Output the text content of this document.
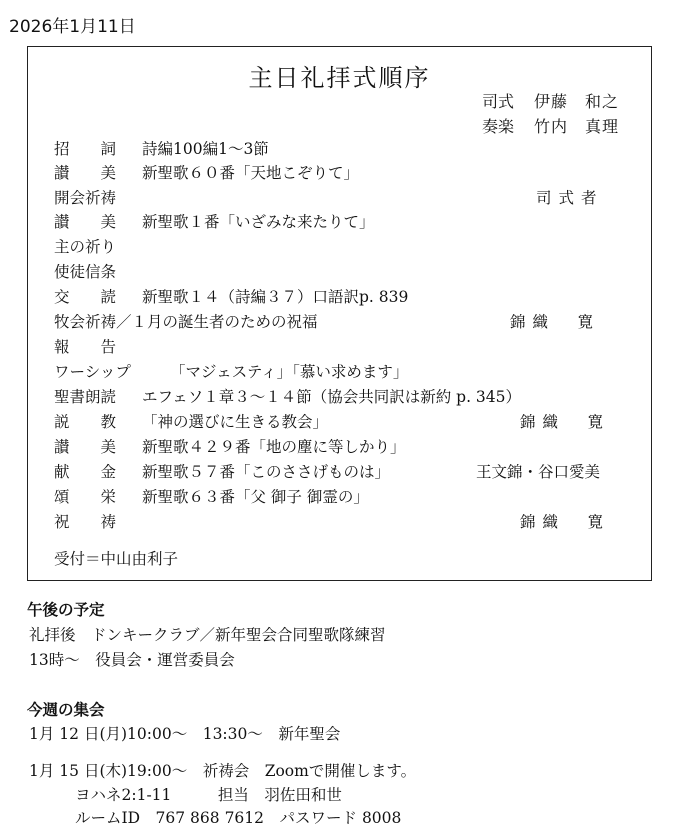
2026年1月11日
主日礼拝式順序
司式 伊藤　和之
奏楽 竹内　真理
招　　詞 詩編100編1～3節
讃　　美 新聖歌６０番「天地こぞりて」
開会祈祷	司式者
讃　　美 新聖歌１番「いざみな来たりて」
主の祈り
使徒信条
交　　読 新聖歌１４（詩編３７）口語訳p. 839
牧会祈祷／１月の誕生者のための祝福	錦織　寛
報　　告
ワーシップ	「マジェスティ」「慕い求めます」
聖書朗読 エフェソ１章３～１４節（協会共同訳は新約 p. 345）
説　　教 「神の選びに生きる教会」	錦織　寛
讃　　美 新聖歌４２９番「地の塵に等しかり」
献　　金 新聖歌５７番「このささげものは」	王文錦・谷口愛美
頌　　栄 新聖歌６３番「父 御子 御霊の」
祝　　祷	錦織　寛
受付＝中山由利子
午後の予定
礼拝後　ドンキークラブ／新年聖会合同聖歌隊練習
13時～　役員会・運営委員会
今週の集会
1月 12 日(月)10:00～　13:30～　新年聖会
1月 15 日(木)19:00～　祈祷会　Zoomで開催します。
ヨハネ2:1-11　　　担当　羽佐田和世
ルームID　767 868 7612　パスワード 8008
